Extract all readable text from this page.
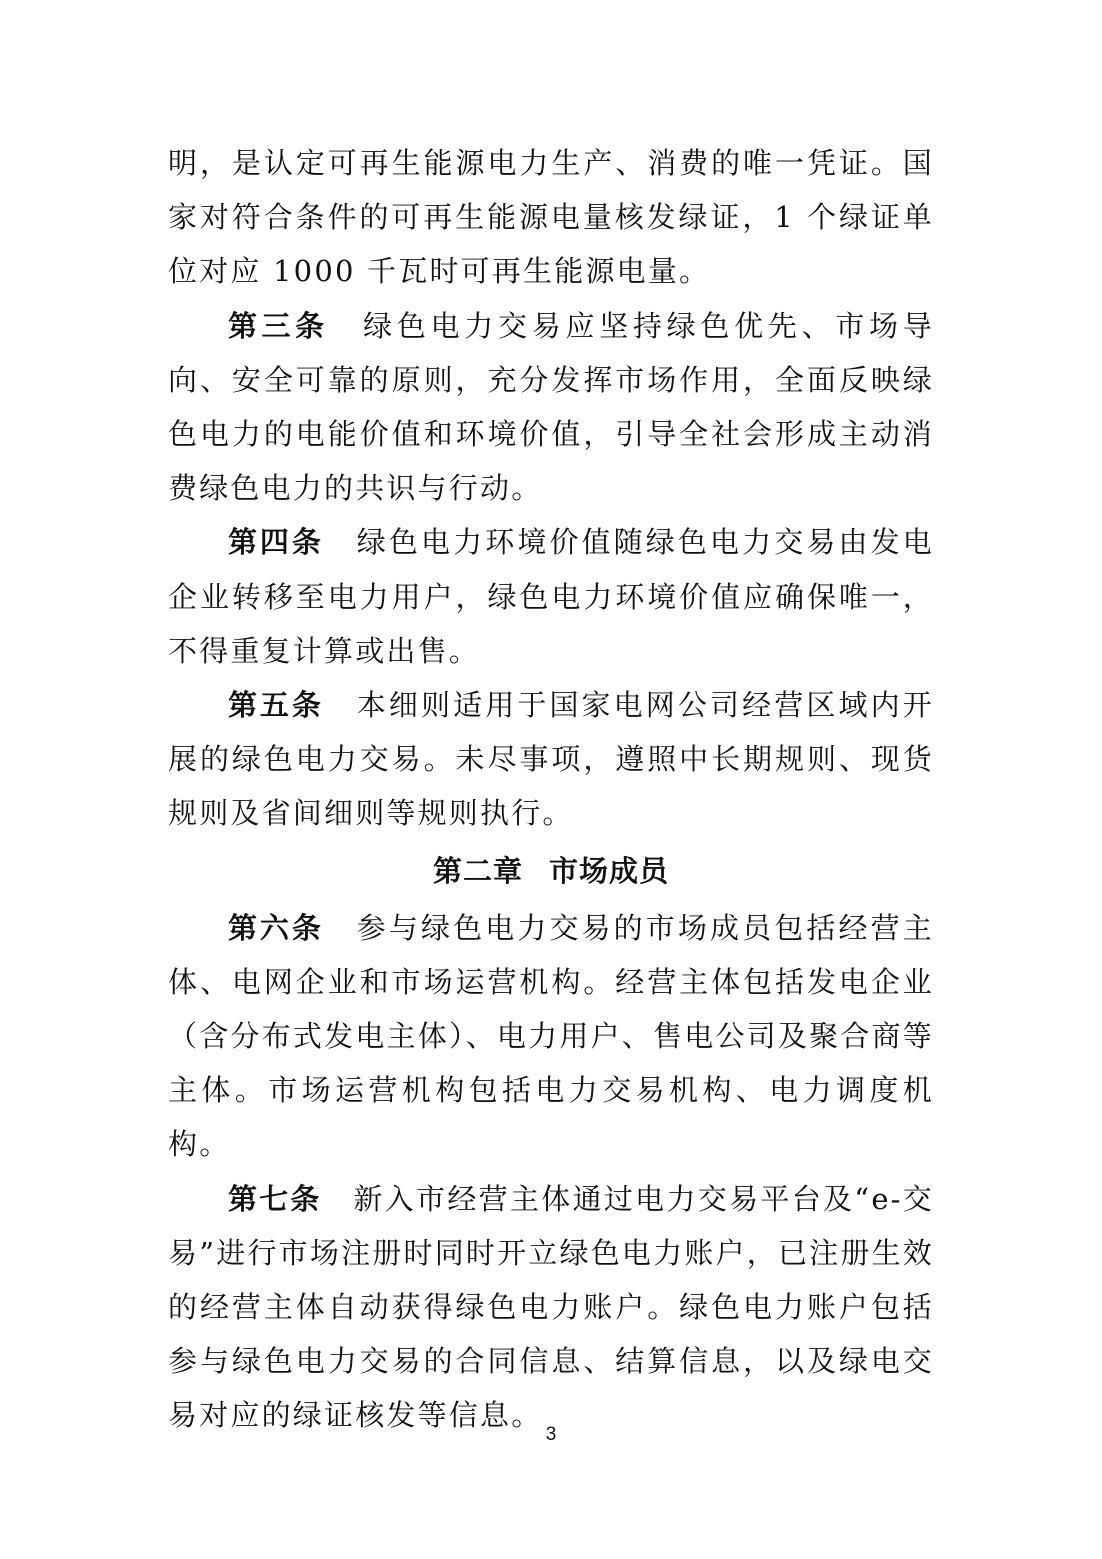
明，是认定可再生能源电力生产、消费的唯一凭证。国家对符合条件的可再生能源电量核发绿证，1 个绿证单位对应 1000 千瓦时可再生能源电量。

第三条 绿色电力交易应坚持绿色优先、市场导向、安全可靠的原则，充分发挥市场作用，全面反映绿色电力的电能价值和环境价值，引导全社会形成主动消费绿色电力的共识与行动。

第四条 绿色电力环境价值随绿色电力交易由发电企业转移至电力用户，绿色电力环境价值应确保唯一，不得重复计算或出售。

第五条 本细则适用于国家电网公司经营区域内开展的绿色电力交易。未尽事项，遵照中长期规则、现货规则及省间细则等规则执行。

第二章 市场成员

第六条 参与绿色电力交易的市场成员包括经营主体、电网企业和市场运营机构。经营主体包括发电企业（含分布式发电主体）、电力用户、售电公司及聚合商等主体。市场运营机构包括电力交易机构、电力调度机构。

第七条 新入市经营主体通过电力交易平台及“e-交易”进行市场注册时同时开立绿色电力账户，已注册生效的经营主体自动获得绿色电力账户。绿色电力账户包括参与绿色电力交易的合同信息、结算信息，以及绿电交易对应的绿证核发等信息。

3
